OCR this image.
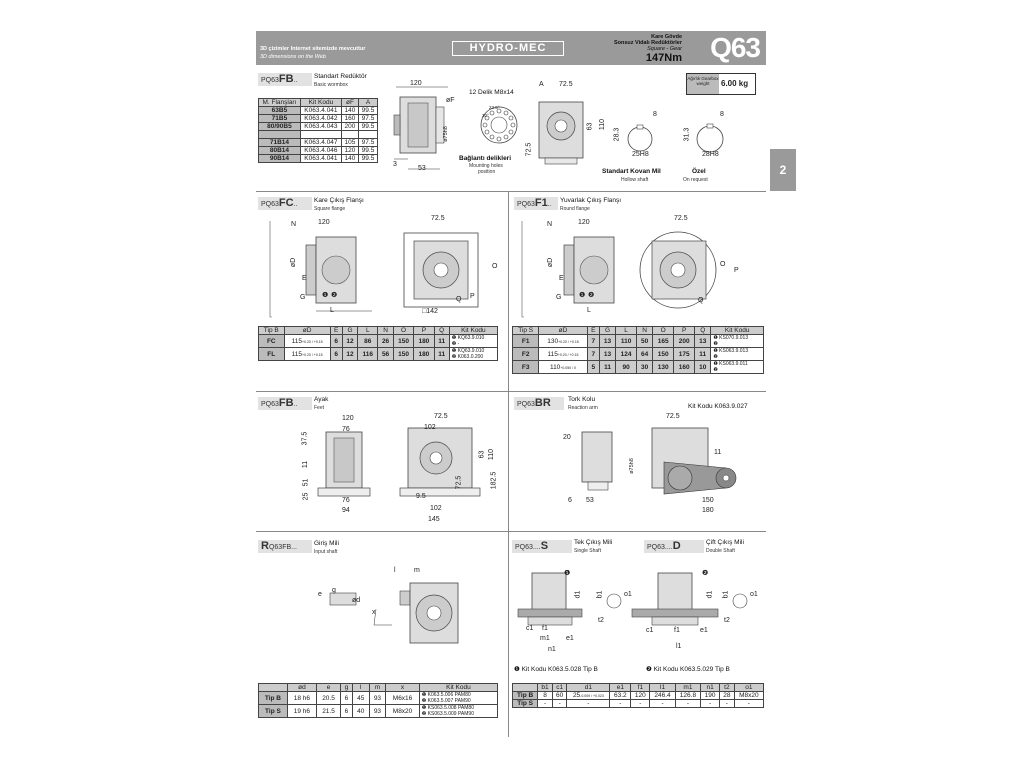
3D çizimler Internet sitemizde mevcuttur
3D dimensions on the Web
HYDRO-MEC
Kare Gövde
Sonsuz Vidalı Redüktörler
Square - Gear
147Nm Q63
Ağırlık Gearbox weight	6.00 kg
PQ63FB..
Standart Redüktör
Basic wormbox
M. Flanşları	Kit Kodu	øF	A
63B5	K063.4.041	140	99.5
71B5	K063.4.042	160	97.5
80/90B5	K063.4.043	200	99.5

71B14	K063.4.047	105	97.5
80B14	K063.4.046	120	99.5
90B14	K063.4.041	140	99.5
120
øF
ø75h8
3
53
12 Delik M8x14
22.5°
30°
Bağlantı delikleri
Mounting holes
position
A 72.5
63 110
72.5
8
28.3
25H8
8
31.3
28H8
Standart Kovan Mil
Hollow shaft
Özel
On request
PQ63FC..
Kare Çıkış Flanşı
Square flange
N	120
øD
E
G ❶ ❷
L
72.5
O
Q P
□142
Tip B	øD	E	G	L	N	O	P	Q	Kit Kodu
FC	115+0.20 / +0.15	6	12	86	26	150	180	11	❶ KQ63.9.010
❷ -

FL	115+0.20 / +0.15	6	12	116	56	150	180	11	❶ KQ63.9.010
❷ K063.0.200
PQ63F1..
Yuvarlak Çıkış Flanşı
Round flange
N	120
øD
E
G	❶ ❷
L
72.5
O
P
Q
Tip S	øD	E	G	L	N	O	P	Q	Kit Kodu
F1	130+0.20 / +0.15	7	13	110	50	165	200	13	❶ KS070.9.013
❷

F2	115+0.20 / +0.15	7	13	124	64	150	175	11	❶ KS063.9.013
❷

F3	110+0.050 / 0	5	11	90	30	130	160	10	❶ KS063.9.011
❷
PQ63FB..
Ayak
Feet
120
76
37.5
11
51
25
76
94
72.5
102
63 110
72.5	182.5
9.5
102
145
PQ63BR	Tork Kolu
Reaction arm	Kit Kodu K063.9.027
20
6 53
ø75h8
72.5
11
150
180
RQ63FB...
Giriş Mili
Input shaft
l	m
e
g
ød
x
	ød	e	g	l	m	x	Kit Kodu
Tip B	18 h6	20.5	6	45	93	M6x16	❶ K063.5.006 PAM80
❷ K063.5.007 PAM90

Tip S	19 h6	21.5	6	40	93	M8x20	❶ KS063.5.008 PAM80
❷ KS063.5.009 PAM90
PQ63....S	Tek Çıkış Mili
Single Shaft	PQ63....D	Çift Çıkış Mili
Double Shaft
❶
d1 b1
t2
o1
c1 f1
m1 e1
n1
❷
d1 b1
t2
o1
c1	f1	e1
l1
❶ Kit Kodu K063.5.028 Tip B	❷ Kit Kodu K063.5.029 Tip B
	b1	c1	d1	e1	f1	l1	m1	n1	t2	o1
Tip B	8	60	25-0.009 / +0.023	63.2	120	246.4	126.8	190	28	M8x20
Tip S	-	-	-	-	-	-	-	-	-	-
2
